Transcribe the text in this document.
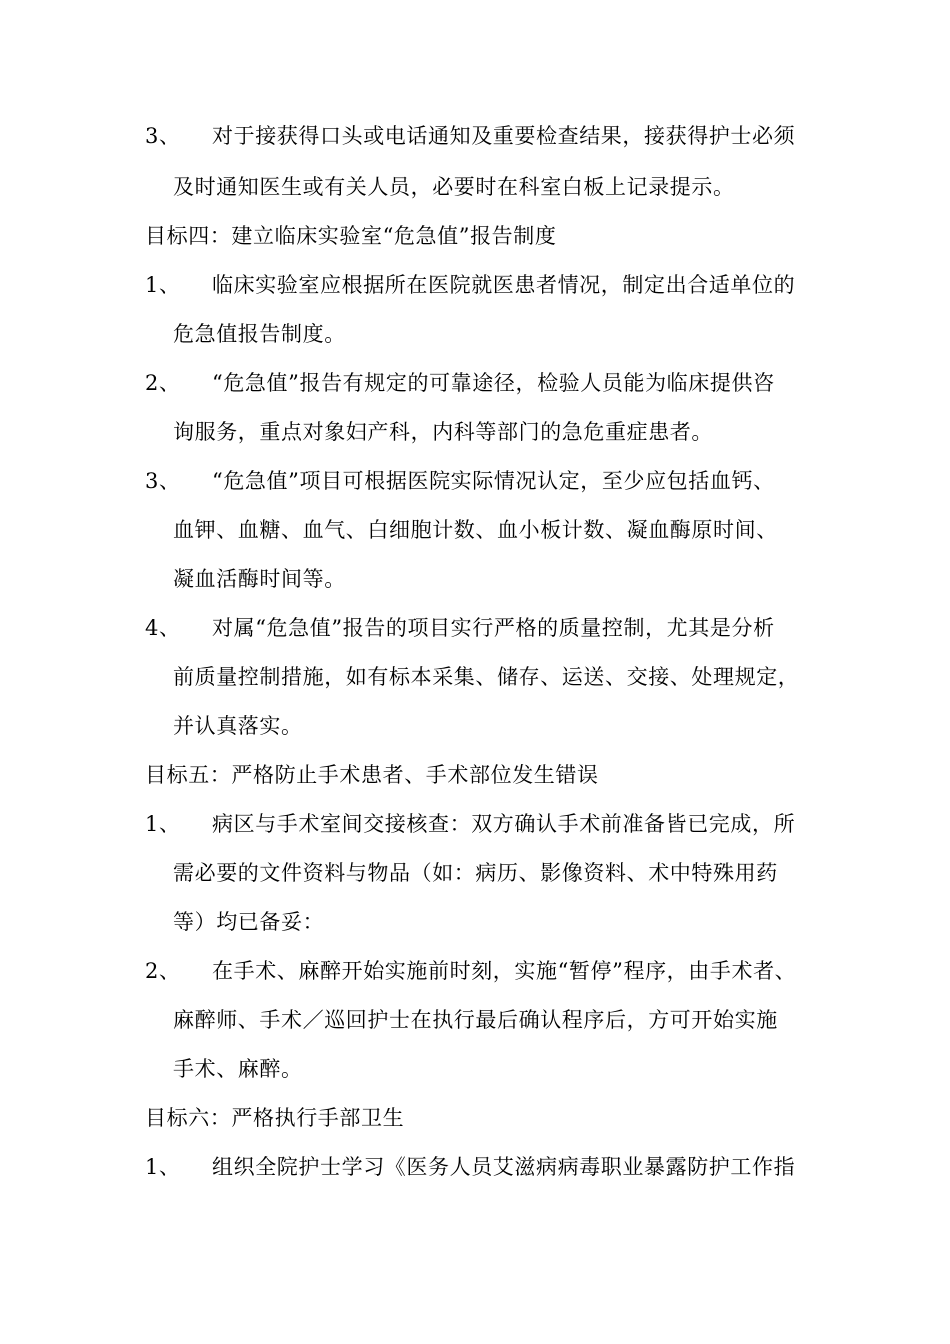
3、	对于接获得口头或电话通知及重要检查结果，接获得护士必须
及时通知医生或有关人员，必要时在科室白板上记录提示。
目标四：建立临床实验室“危急值”报告制度
1、	临床实验室应根据所在医院就医患者情况，制定出合适单位的
危急值报告制度。
2、	“危急值”报告有规定的可靠途径，检验人员能为临床提供咨
询服务，重点对象妇产科，内科等部门的急危重症患者。
3、	“危急值”项目可根据医院实际情况认定，至少应包括血钙、
血钾、血糖、血气、白细胞计数、血小板计数、凝血酶原时间、
凝血活酶时间等。
4、	对属“危急值”报告的项目实行严格的质量控制，尤其是分析
前质量控制措施，如有标本采集、储存、运送、交接、处理规定，
并认真落实。
目标五：严格防止手术患者、手术部位发生错误
1、	病区与手术室间交接核查：双方确认手术前准备皆已完成，所
需必要的文件资料与物品（如：病历、影像资料、术中特殊用药
等）均已备妥：
2、	在手术、麻醉开始实施前时刻，实施“暂停”程序，由手术者、
麻醉师、手术／巡回护士在执行最后确认程序后，方可开始实施
手术、麻醉。
目标六：严格执行手部卫生
1、	组织全院护士学习《医务人员艾滋病病毒职业暴露防护工作指
